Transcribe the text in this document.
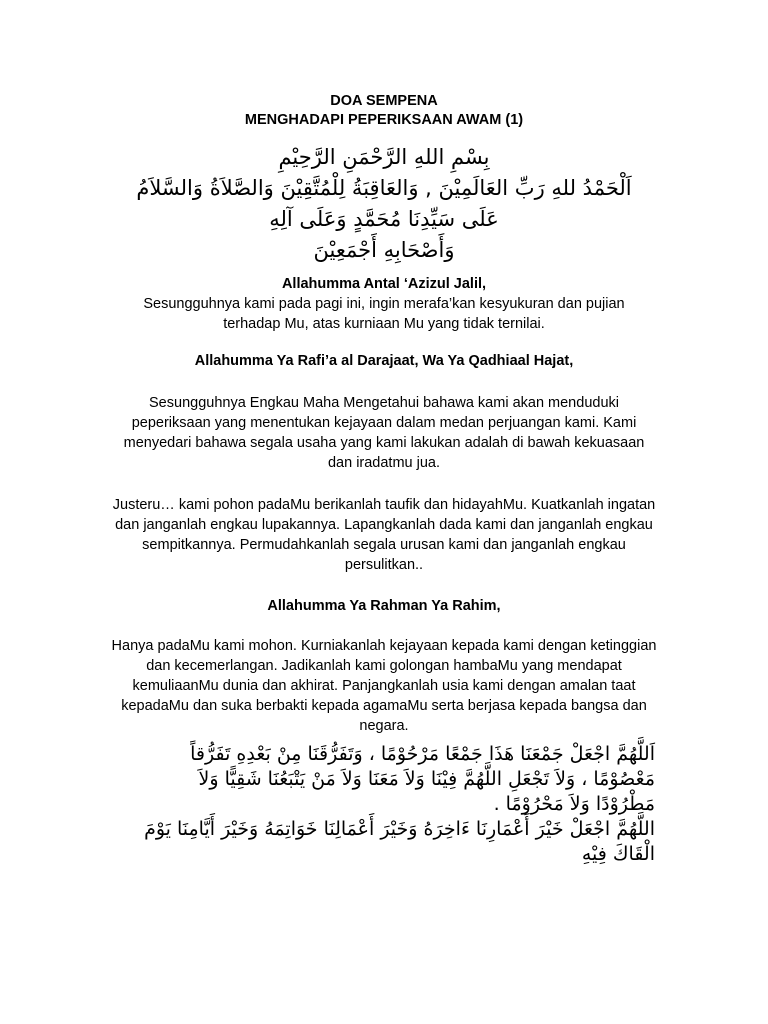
DOA SEMPENA
MENGHADAPI PEPERIKSAAN AWAM (1)
بِسْمِ اللهِ الرَّحْمَنِ الرَّحِيْمِ
اَلْحَمْدُ للهِ رَبِّ العَالَمِيْنَ , وَالعَاقِبَةُ لِلْمُتَّقِيْنَ وَالصَّلاَةُ وَالسَّلاَمُ
عَلَى سَيِّدِنَا مُحَمَّدٍ وَعَلَى آلِهِ
وَأَصْحَابِهِ أَجْمَعِيْنَ
Allahumma Antal ‘Azizul Jalil,
Sesungguhnya kami pada pagi ini, ingin merafa’kan kesyukuran dan pujian
terhadap Mu, atas kurniaan Mu yang tidak ternilai.
Allahumma Ya Rafi’a al Darajaat, Wa Ya Qadhiaal Hajat,
Sesungguhnya Engkau Maha Mengetahui bahawa kami akan menduduki
peperiksaan yang menentukan kejayaan dalam medan perjuangan kami. Kami
menyedari bahawa segala usaha yang kami lakukan adalah di bawah kekuasaan
dan iradatmu jua.
Justeru… kami pohon padaMu berikanlah taufik dan hidayahMu. Kuatkanlah ingatan
dan janganlah engkau lupakannya. Lapangkanlah dada kami dan janganlah engkau
sempitkannya. Permudahkanlah segala urusan kami dan janganlah engkau
persulitkan..
Allahumma Ya Rahman Ya Rahim,
Hanya padaMu kami mohon. Kurniakanlah kejayaan kepada kami dengan ketinggian
dan kecemerlangan. Jadikanlah kami golongan hambaMu yang mendapat
kemuliaanMu dunia dan akhirat. Panjangkanlah usia kami dengan amalan taat
kepadaMu dan suka berbakti kepada agamaMu serta berjasa kepada bangsa dan
negara.
اَللَّهُمَّ اجْعَلْ جَمْعَنَا هَذَا جَمْعًا مَرْحُوْمًا ، وَتَفَرُّقَنَا مِنْ بَعْدِهِ تَفَرُّقاً
مَعْصُوْمًا ، وَلاَ تَجْعَلِ اللَّهُمَّ فِيْنَا وَلاَ مَعَنَا وَلاَ مَنْ يَتْبَعُنَا شَقِيًّا وَلاَ
مَطْرُوْدًا وَلاَ مَحْرُوْمًا .
اللَّهُمَّ اجْعَلْ خَيْرَ أَعْمَارِنَا ءَاخِرَهُ وَخَيْرَ أَعْمَالِنَا خَوَاتِمَهُ وَخَيْرَ أَيَّامِنَا يَوْمَ
الْقَاكَ فِيْهِ
